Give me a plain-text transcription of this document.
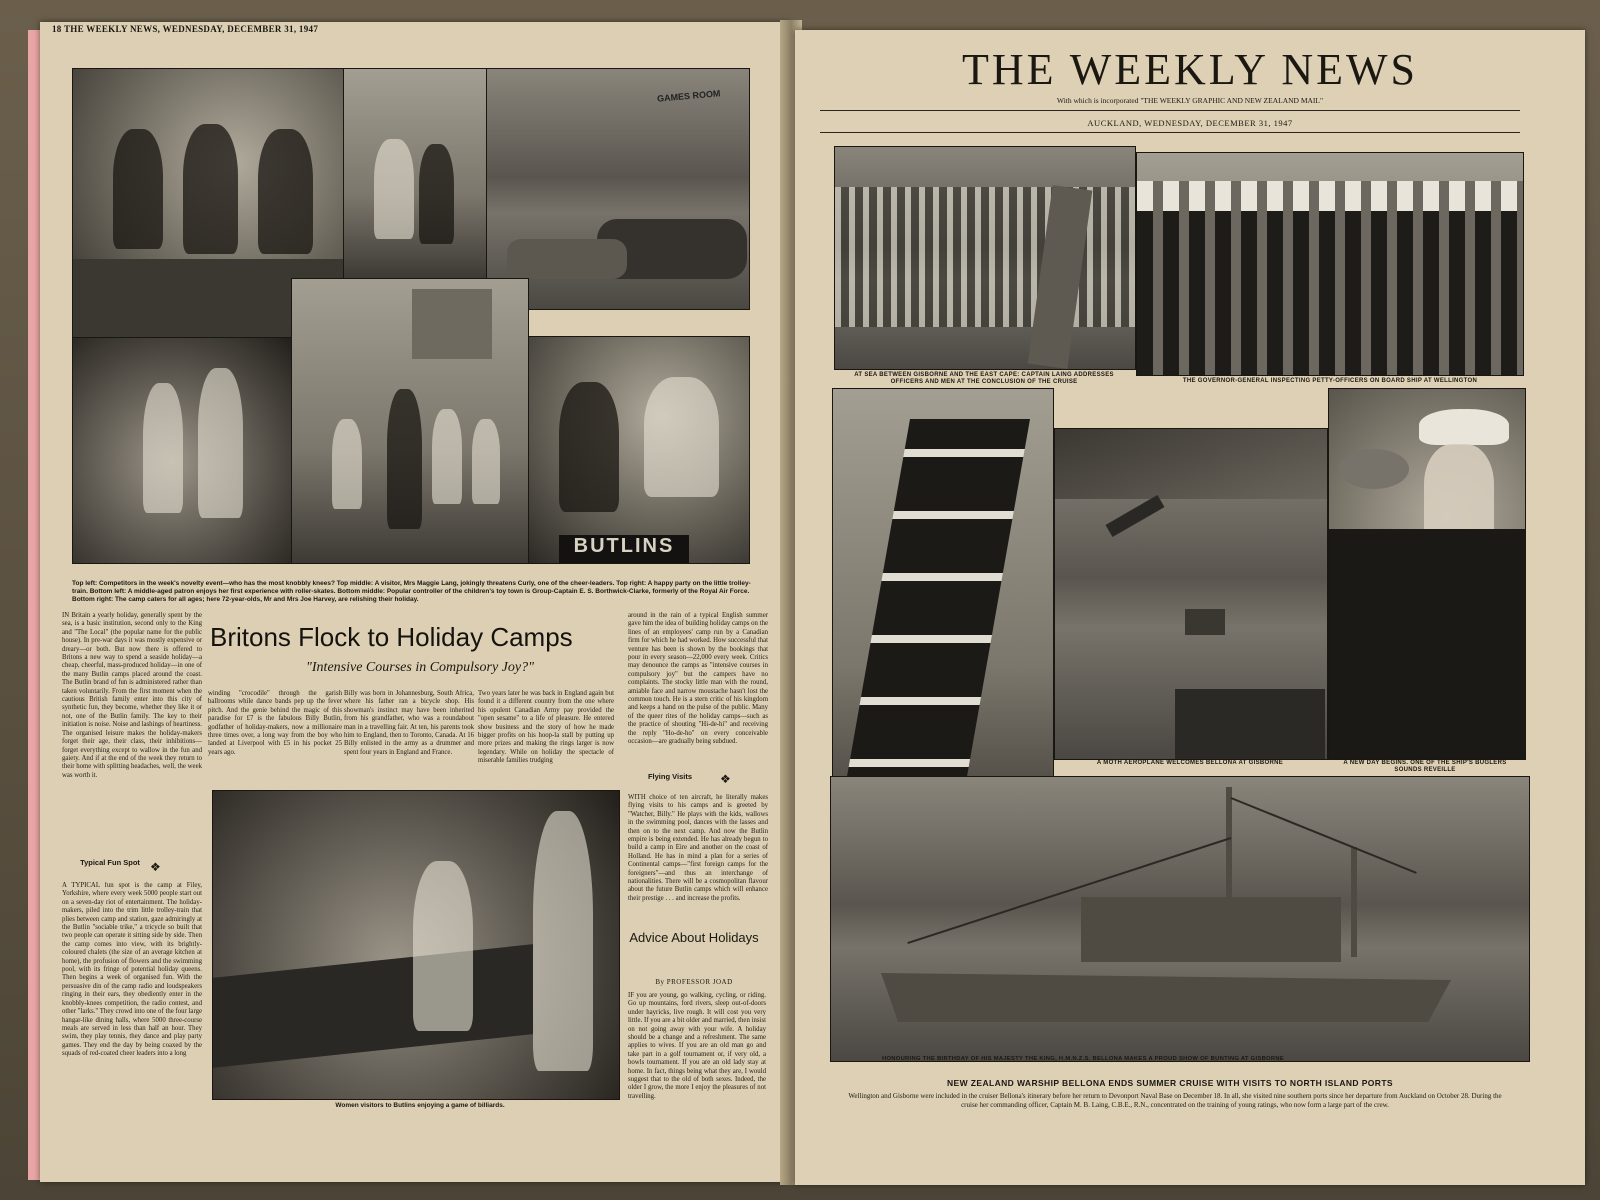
18 THE WEEKLY NEWS, WEDNESDAY, DECEMBER 31, 1947
GAMES ROOM
BUTLINS
Top left: Competitors in the week's novelty event—who has the most knobbly knees? Top middle: A visitor, Mrs Maggie Lang, jokingly threatens Curly, one of the cheer-leaders. Top right: A happy party on the little trolley-train. Bottom left: A middle-aged patron enjoys her first experience with roller-skates. Bottom middle: Popular controller of the children's toy town is Group-Captain E. S. Borthwick-Clarke, formerly of the Royal Air Force. Bottom right: The camp caters for all ages; here 72-year-olds, Mr and Mrs Joe Harvey, are relishing their holiday.
Britons Flock to Holiday Camps
"Intensive Courses in Compulsory Joy?"
IN Britain a yearly holiday, generally spent by the sea, is a basic institution, second only to the King and "The Local" (the popular name for the public house). In pre-war days it was mostly expensive or dreary—or both. But now there is offered to Britons a new way to spend a seaside holiday—a cheap, cheerful, mass-produced holiday—in one of the many Butlin camps placed around the coast. The Butlin brand of fun is administered rather than taken voluntarily. From the first moment when the cautious British family enter into this city of synthetic fun, they become, whether they like it or not, one of the Butlin family. The key to their initiation is noise. Noise and lashings of heartiness. The organised leisure makes the holiday-makers forget their age, their class, their inhibitions—forget everything except to wallow in the fun and gaiety. And if at the end of the week they return to their home with splitting headaches, well, the week was worth it.
Typical Fun Spot ❖
A TYPICAL fun spot is the camp at Filey, Yorkshire, where every week 5000 people start out on a seven-day riot of entertainment. The holiday-makers, piled into the trim little trolley-train that plies between camp and station, gaze admiringly at the Butlin "sociable trike," a tricycle so built that two people can operate it sitting side by side. Then the camp comes into view, with its brightly-coloured chalets (the size of an average kitchen at home), the profusion of flowers and the swimming pool, with its fringe of potential holiday queens. Then begins a week of organised fun. With the persuasive din of the camp radio and loudspeakers ringing in their ears, they obediently enter in the knobbly-knees competition, the radio contest, and other "larks." They crowd into one of the four large hangar-like dining halls, where 5000 three-course meals are served in less than half an hour. They swim, they play tennis, they dance and play party games. They end the day by being coaxed by the squads of red-coated cheer leaders into a long
winding "crocodile" through the garish ballrooms while dance bands pep up the fever pitch. And the genie behind the magic of this paradise for £7 is the fabulous Billy Butlin, godfather of holiday-makers, now a millionaire three times over, a long way from the boy who landed at Liverpool with £5 in his pocket 25 years ago.
Billy was born in Johannesburg, South Africa, where his father ran a bicycle shop. His showman's instinct may have been inherited from his grandfather, who was a roundabout man in a travelling fair. At ten, his parents took him to England, then to Toronto, Canada. At 16 Billy enlisted in the army as a drummer and spent four years in England and France.
Two years later he was back in England again but found it a different country from the one where his opulent Canadian Army pay provided the "open sesame" to a life of pleasure. He entered show business and the story of how he made bigger profits on his hoop-la stall by putting up more prizes and making the rings larger is now legendary. While on holiday the spectacle of miserable families trudging
around in the rain of a typical English summer gave him the idea of building holiday camps on the lines of an employees' camp run by a Canadian firm for which he had worked. How successful that venture has been is shown by the bookings that pour in every season—22,000 every week. Critics may denounce the camps as "intensive courses in compulsory joy" but the campers have no complaints. The stocky little man with the round, amiable face and narrow moustache hasn't lost the common touch. He is a stern critic of his kingdom and keeps a hand on the pulse of the public. Many of the queer rites of the holiday camps—such as the practice of shouting "Hi-de-hi" and receiving the reply "Ho-de-ho" on every conceivable occasion—are gradually being subdued.
Flying Visits ❖
WITH choice of ten aircraft, he literally makes flying visits to his camps and is greeted by "Watcher, Billy." He plays with the kids, wallows in the swimming pool, dances with the lasses and then on to the next camp. And now the Butlin empire is being extended. He has already begun to build a camp in Eire and another on the coast of Holland. He has in mind a plan for a series of Continental camps—"first foreign camps for the foreigners"—and thus an interchange of nationalities. There will be a cosmopolitan flavour about the future Butlin camps which will enhance their prestige . . . and increase the profits.
Women visitors to Butlins enjoying a game of billiards.
Advice About Holidays
By PROFESSOR JOAD
IF you are young, go walking, cycling, or riding. Go up mountains, ford rivers, sleep out-of-doors under hayricks, live rough. It will cost you very little. If you are a bit older and married, then insist on not going away with your wife. A holiday should be a change and a refreshment. The same applies to wives. If you are an old man go and take part in a golf tournament or, if very old, a bowls tournament. If you are an old lady stay at home. In fact, things being what they are, I would suggest that to the old of both sexes. Indeed, the older I grow, the more I enjoy the pleasures of not travelling.
THE WEEKLY NEWS
With which is incorporated "THE WEEKLY GRAPHIC AND NEW ZEALAND MAIL"
AUCKLAND, WEDNESDAY, DECEMBER 31, 1947
AT SEA BETWEEN GISBORNE AND THE EAST CAPE: CAPTAIN LAING ADDRESSES OFFICERS AND MEN AT THE CONCLUSION OF THE CRUISE	THE GOVERNOR-GENERAL INSPECTING PETTY-OFFICERS ON BOARD SHIP AT WELLINGTON
A MOTH AEROPLANE WELCOMES BELLONA AT GISBORNE	A NEW DAY BEGINS. ONE OF THE SHIP'S BUGLERS SOUNDS REVEILLE
HONOURING THE BIRTHDAY OF HIS MAJESTY THE KING, H.M.N.Z.S. BELLONA MAKES A PROUD SHOW OF BUNTING AT GISBORNE
NEW ZEALAND WARSHIP BELLONA ENDS SUMMER CRUISE WITH VISITS TO NORTH ISLAND PORTS
Wellington and Gisborne were included in the cruiser Bellona's itinerary before her return to Devonport Naval Base on December 18. In all, she visited nine southern ports since her departure from Auckland on October 28. During the cruise her commanding officer, Captain M. B. Laing, C.B.E., R.N., concentrated on the training of young ratings, who now form a large part of the crew.
